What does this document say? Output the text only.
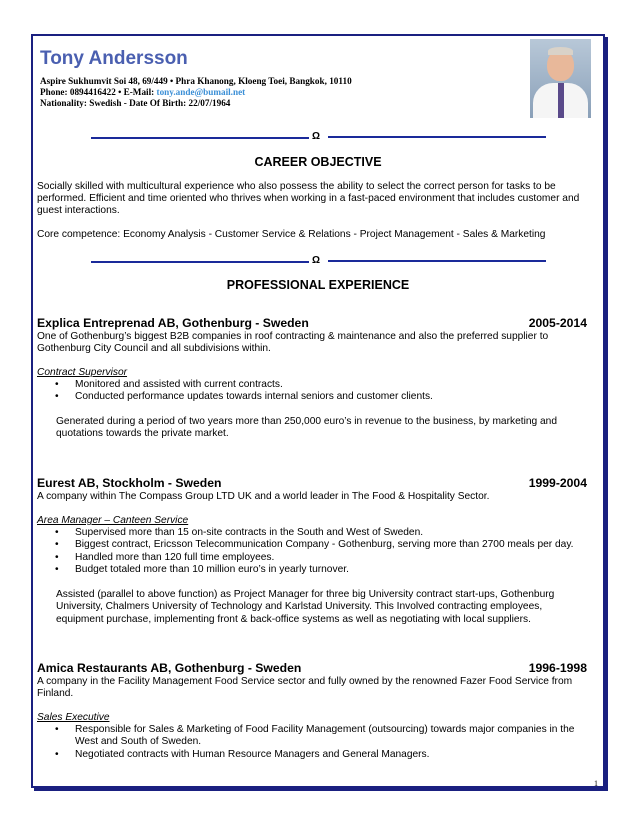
Tony Andersson
Aspire Sukhumvit Soi 48, 69/449 • Phra Khanong, Kloeng Toei, Bangkok, 10110
Phone: 0894416422 • E-Mail: tony.ande@bumail.net
Nationality: Swedish - Date Of Birth: 22/07/1964
Ω
CAREER OBJECTIVE
Socially skilled with multicultural experience who also possess the ability to select the correct person for tasks to be performed. Efficient and time oriented who thrives when working in a fast-paced environment that includes customer and guest interactions.
Core competence: Economy Analysis - Customer Service & Relations - Project Management - Sales & Marketing
Ω
PROFESSIONAL EXPERIENCE
Explica Entreprenad AB, Gothenburg - Sweden	2005-2014
One of Gothenburg’s biggest B2B companies in roof contracting & maintenance and also the preferred supplier to Gothenburg City Council and all subdivisions within.
Contract Supervisor
• Monitored and assisted with current contracts.
• Conducted performance updates towards internal seniors and customer clients.
Generated during a period of two years more than 250,000 euro’s in revenue to the business, by marketing and quotations towards the private market.
Eurest AB, Stockholm - Sweden	1999-2004
A company within The Compass Group LTD UK and a world leader in The Food & Hospitality Sector.
Area Manager – Canteen Service
• Supervised more than 15 on-site contracts in the South and West of Sweden.
• Biggest contract, Ericsson Telecommunication Company - Gothenburg, serving more than 2700 meals per day.
• Handled more than 120 full time employees.
• Budget totaled more than 10 million euro’s in yearly turnover.
Assisted (parallel to above function) as Project Manager for three big University contract start-ups, Gothenburg University, Chalmers University of Technology and Karlstad University. This Involved contracting employees, equipment purchase, implementing front & back-office systems as well as negotiating with local suppliers.
Amica Restaurants AB, Gothenburg - Sweden	1996-1998
A company in the Facility Management Food Service sector and fully owned by the renowned Fazer Food Service from Finland.
Sales Executive
• Responsible for Sales & Marketing of Food Facility Management (outsourcing) towards major companies in the West and South of Sweden.
• Negotiated contracts with Human Resource Managers and General Managers.
1
